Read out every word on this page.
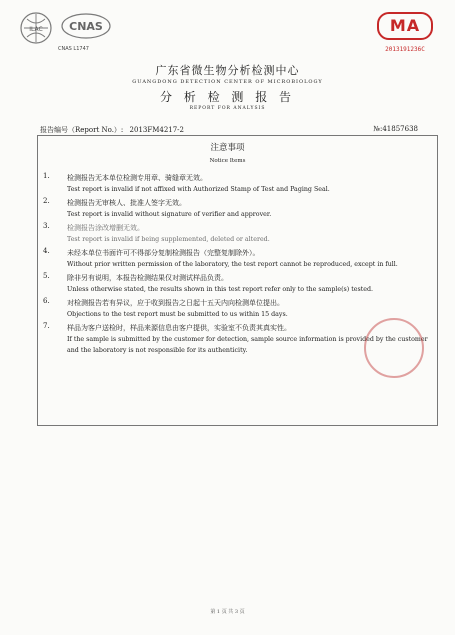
ILAC CNAS
CNAS L1747
MA
2013191236C
广东省微生物分析检测中心
GUANGDONG DETECTION CENTER OF MICROBIOLOGY
分 析 检 测 报 告
REPORT FOR ANALYSIS
报告编号（Report No.）: 2013FM4217-2	№:41857638
注意事项
Notice Items
1. 检测报告无本单位检测专用章、骑缝章无效。
Test report is invalid if not affixed with Authorized Stamp of Test and Paging Seal.
2. 检测报告无审核人、批准人签字无效。
Test report is invalid without signature of verifier and approver.
3. 检测报告涂改增删无效。
Test report is invalid if being supplemented, deleted or altered.
4. 未经本单位书面许可不得部分复制检测报告（完整复制除外）。
Without prior written permission of the laboratory, the test report cannot be reproduced, except in full.
5. 除非另有说明，本报告检测结果仅对测试样品负责。
Unless otherwise stated, the results shown in this test report refer only to the sample(s) tested.
6. 对检测报告若有异议，应于收到报告之日起十五天内向检测单位提出。
Objections to the test report must be submitted to us within 15 days.
7. 样品为客户送检时，样品来源信息由客户提供，实验室不负责其真实性。
If the sample is submitted by the customer for detection, sample source information is provided by the customer and the laboratory is not responsible for its authenticity.
第 1 页 共 3 页
